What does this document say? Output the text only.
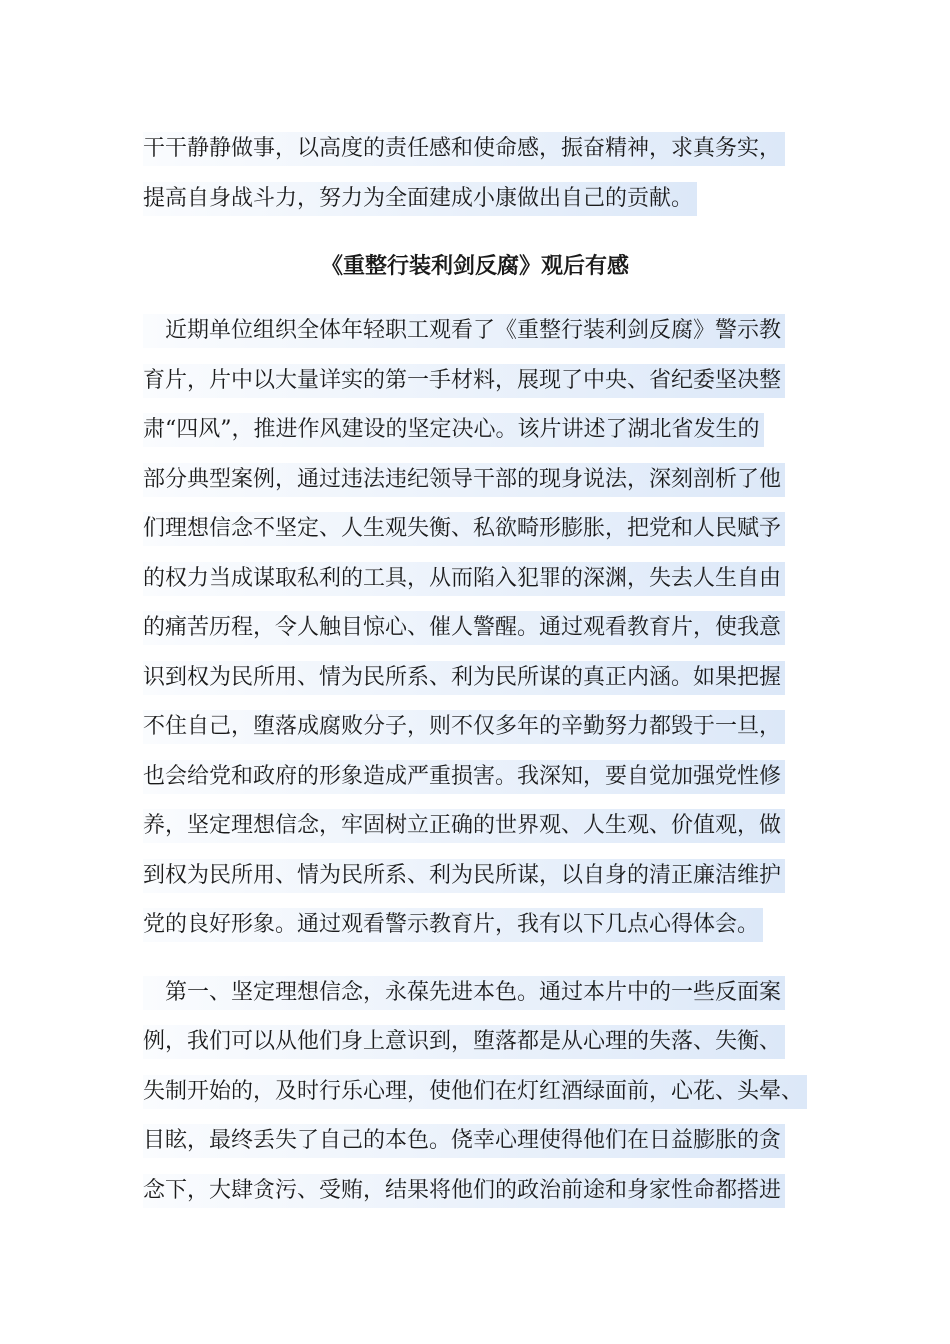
干干静静做事，以高度的责任感和使命感，振奋精神，求真务实，
提高自身战斗力，努力为全面建成小康做出自己的贡献。
《重整行装利剑反腐》观后有感
　近期单位组织全体年轻职工观看了《重整行装利剑反腐》警示教
育片，片中以大量详实的第一手材料，展现了中央、省纪委坚决整
肃“四风”，推进作风建设的坚定决心。该片讲述了湖北省发生的
部分典型案例，通过违法违纪领导干部的现身说法，深刻剖析了他
们理想信念不坚定、人生观失衡、私欲畸形膨胀，把党和人民赋予
的权力当成谋取私利的工具，从而陷入犯罪的深渊，失去人生自由
的痛苦历程，令人触目惊心、催人警醒。通过观看教育片，使我意
识到权为民所用、情为民所系、利为民所谋的真正内涵。如果把握
不住自己，堕落成腐败分子，则不仅多年的辛勤努力都毁于一旦，
也会给党和政府的形象造成严重损害。我深知，要自觉加强党性修
养，坚定理想信念，牢固树立正确的世界观、人生观、价值观，做
到权为民所用、情为民所系、利为民所谋，以自身的清正廉洁维护
党的良好形象。通过观看警示教育片，我有以下几点心得体会。
　第一、坚定理想信念，永葆先进本色。通过本片中的一些反面案
例，我们可以从他们身上意识到，堕落都是从心理的失落、失衡、
失制开始的，及时行乐心理，使他们在灯红酒绿面前，心花、头晕、
目眩，最终丢失了自己的本色。侥幸心理使得他们在日益膨胀的贪
念下，大肆贪污、受贿，结果将他们的政治前途和身家性命都搭进
